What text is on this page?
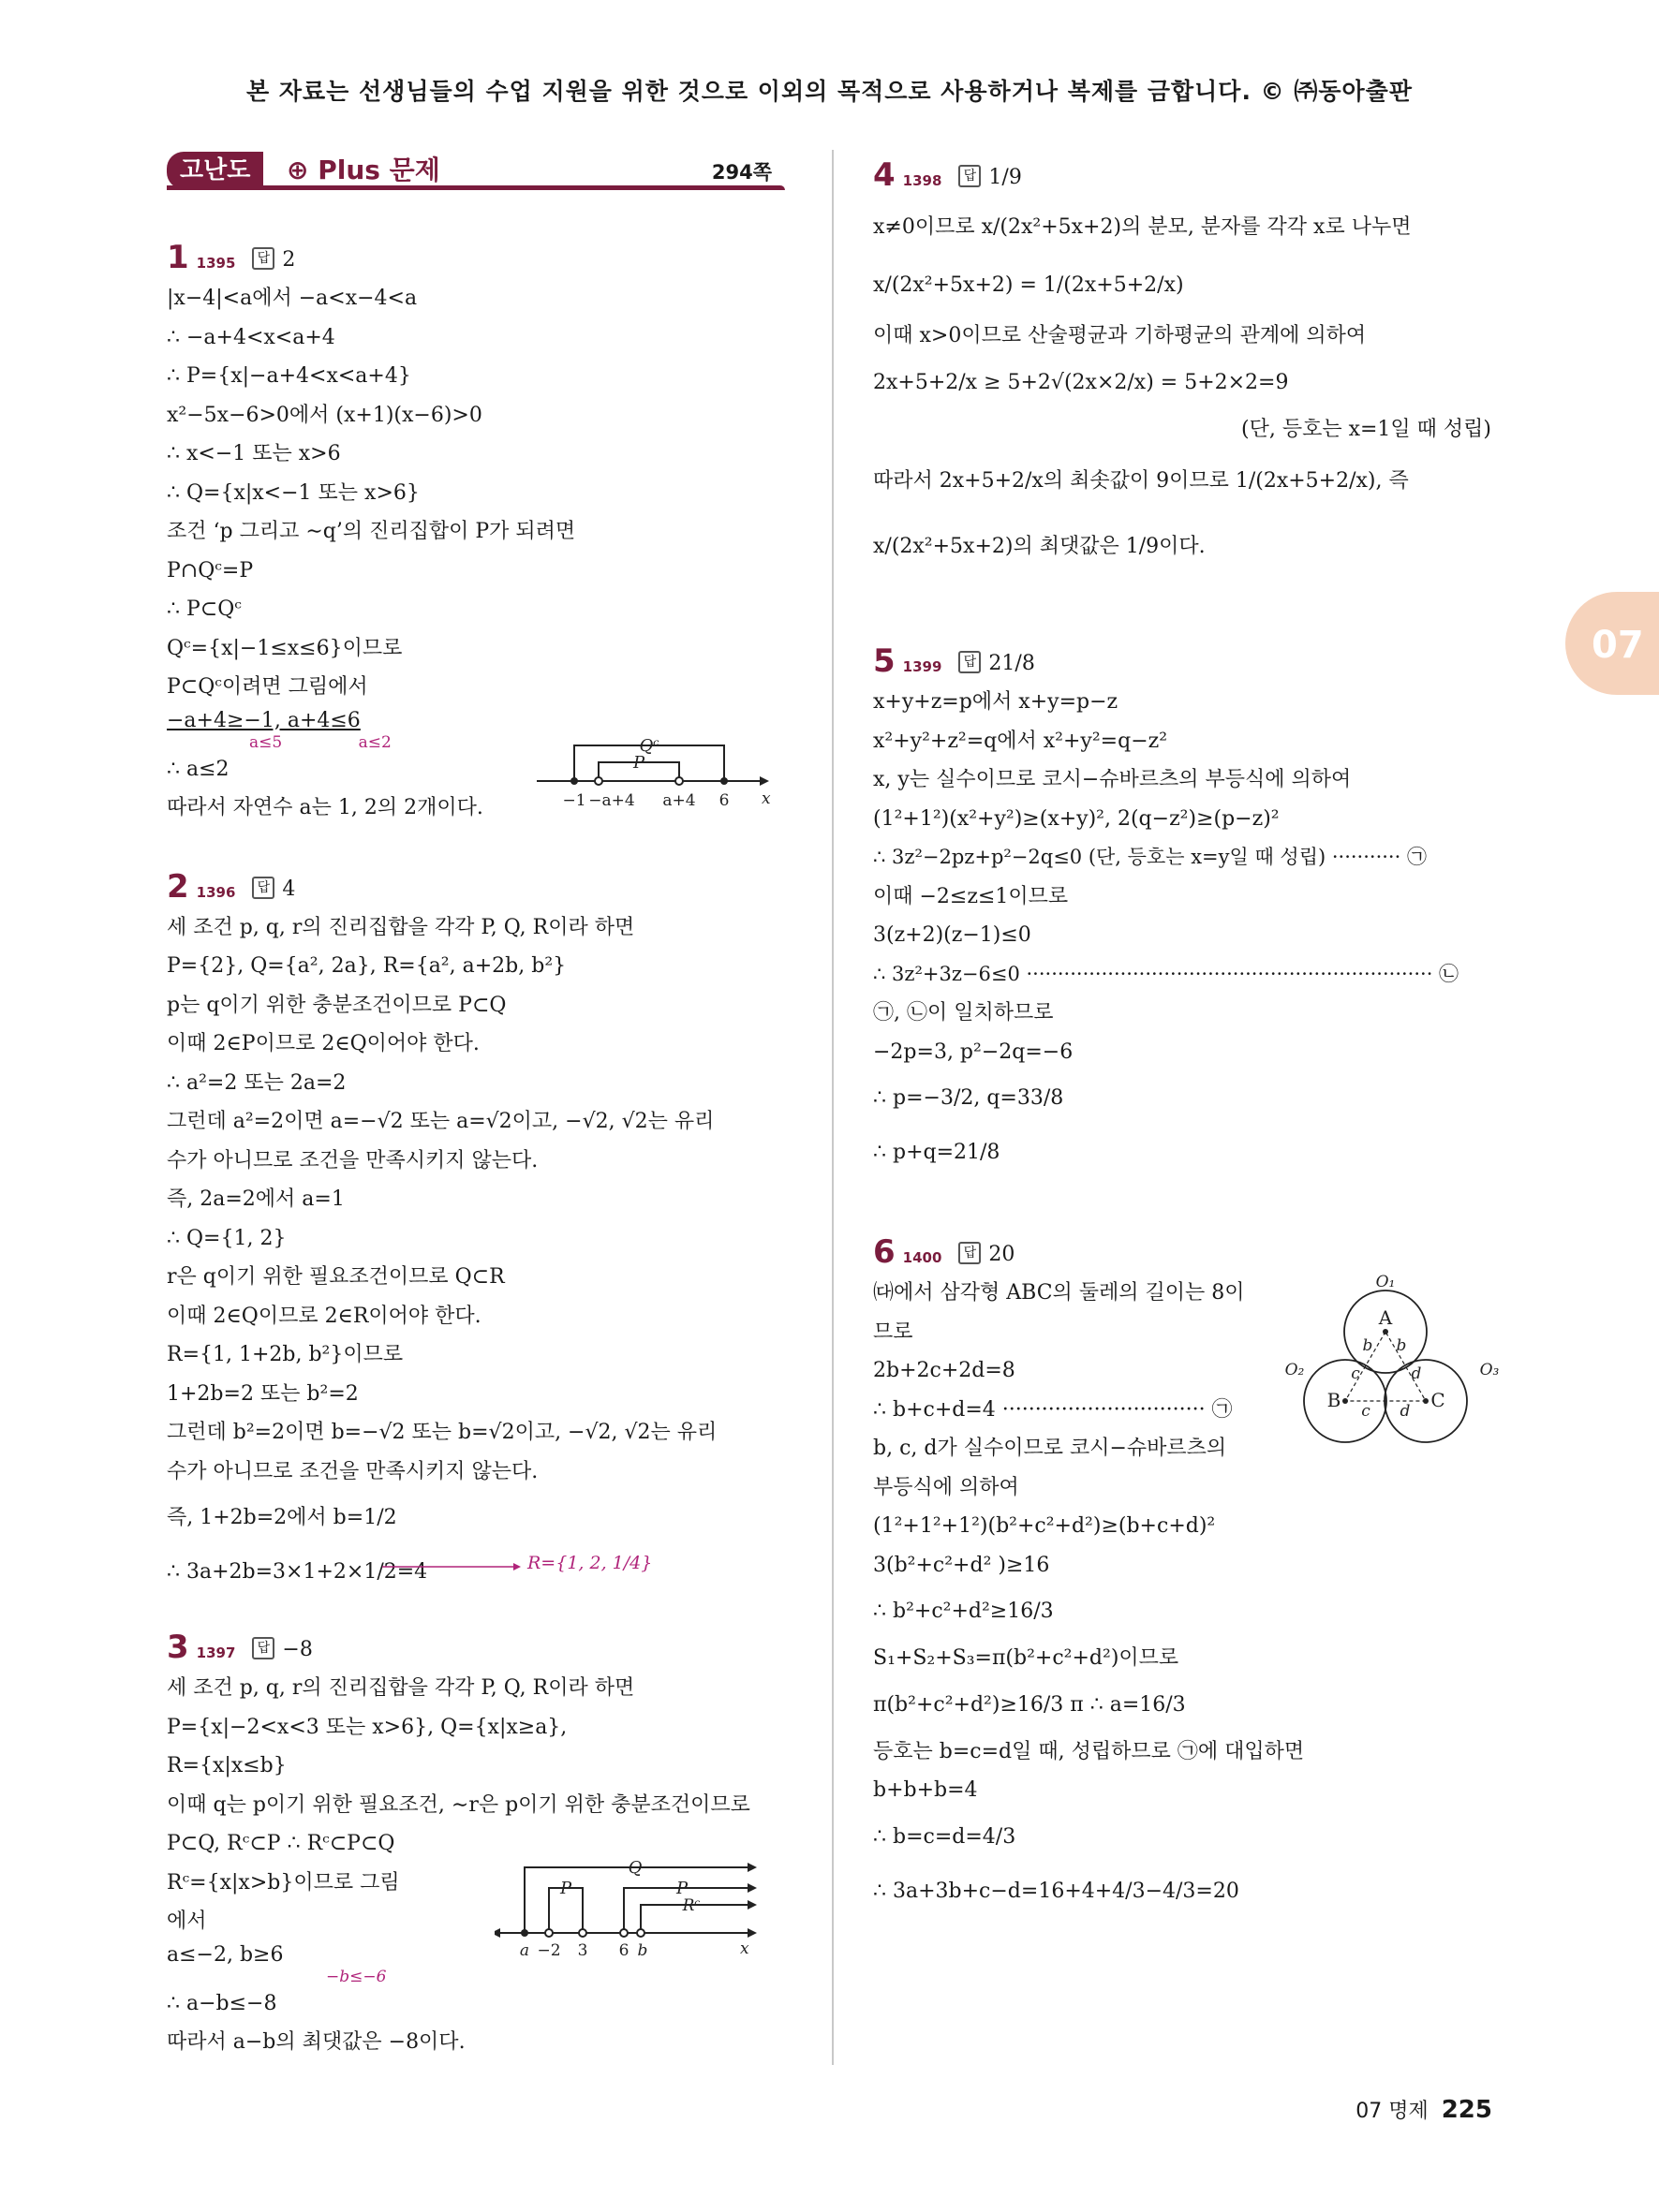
본 자료는 선생님들의 수업 지원을 위한 것으로 이외의 목적으로 사용하거나 복제를 금합니다. © ㈜동아출판
07
고난도	⊕ Plus 문제	294쪽
1 1395	답 2
|x−4|<a에서 −a<x−4<a
∴ −a+4<x<a+4
∴ P={x|−a+4<x<a+4}
x²−5x−6>0에서 (x+1)(x−6)>0
∴ x<−1 또는 x>6
∴ Q={x|x<−1 또는 x>6}
조건 ‘p 그리고 ∼q’의 진리집합이 P가 되려면
P∩Qᶜ=P
∴ P⊂Qᶜ
Qᶜ={x|−1≤x≤6}이므로
P⊂Qᶜ이려면 그림에서
−a+4≥−1, a+4≤6
a≤5	a≤2
∴ a≤2
따라서 자연수 a는 1, 2의 2개이다.
Qᶜ
P
−1 −a+4 a+4 6 x
2 1396	답 4
세 조건 p, q, r의 진리집합을 각각 P, Q, R이라 하면
P={2}, Q={a², 2a}, R={a², a+2b, b²}
p는 q이기 위한 충분조건이므로 P⊂Q
이때 2∈P이므로 2∈Q이어야 한다.
∴ a²=2 또는 2a=2
그런데 a²=2이면 a=−√2 또는 a=√2이고, −√2, √2는 유리
수가 아니므로 조건을 만족시키지 않는다.
즉, 2a=2에서 a=1
∴ Q={1, 2}
r은 q이기 위한 필요조건이므로 Q⊂R
이때 2∈Q이므로 2∈R이어야 한다.
R={1, 1+2b, b²}이므로
1+2b=2 또는 b²=2
그런데 b²=2이면 b=−√2 또는 b=√2이고, −√2, √2는 유리
수가 아니므로 조건을 만족시키지 않는다.
즉, 1+2b=2에서 b=1/2
∴ 3a+2b=3×1+2×1/2=4	R={1, 2, 1/4}
3 1397	답 −8
세 조건 p, q, r의 진리집합을 각각 P, Q, R이라 하면
P={x|−2<x<3 또는 x>6}, Q={x|x≥a},
R={x|x≤b}
이때 q는 p이기 위한 필요조건, ∼r은 p이기 위한 충분조건이므로
P⊂Q, Rᶜ⊂P ∴ Rᶜ⊂P⊂Q
Rᶜ={x|x>b}이므로 그림
에서
a≤−2, b≥6
−b≤−6
∴ a−b≤−8
따라서 a−b의 최댓값은 −8이다.
Q
P	P
Rᶜ
a −2 3 6 b	x
4 1398	답 1/9
x≠0이므로 x/(2x²+5x+2)의 분모, 분자를 각각 x로 나누면
x/(2x²+5x+2) = 1/(2x+5+2/x)
이때 x>0이므로 산술평균과 기하평균의 관계에 의하여
2x+5+2/x ≥ 5+2√(2x×2/x) = 5+2×2=9
(단, 등호는 x=1일 때 성립)
따라서 2x+5+2/x의 최솟값이 9이므로 1/(2x+5+2/x), 즉
x/(2x²+5x+2)의 최댓값은 1/9이다.
5 1399	답 21/8
x+y+z=p에서 x+y=p−z
x²+y²+z²=q에서 x²+y²=q−z²
x, y는 실수이므로 코시−슈바르츠의 부등식에 의하여
(1²+1²)(x²+y²)≥(x+y)², 2(q−z²)≥(p−z)²
∴ 3z²−2pz+p²−2q≤0 (단, 등호는 x=y일 때 성립) ··········· ㉠
이때 −2≤z≤1이므로
3(z+2)(z−1)≤0
∴ 3z²+3z−6≤0 ································································· ㉡
㉠, ㉡이 일치하므로
−2p=3, p²−2q=−6
∴ p=−3/2, q=33/8
∴ p+q=21/8
6 1400	답 20
㈐에서 삼각형 ABC의 둘레의 길이는 8이
므로
2b+2c+2d=8
∴ b+c+d=4 ······························· ㉠
b, c, d가 실수이므로 코시−슈바르츠의
부등식에 의하여
(1²+1²+1²)(b²+c²+d²)≥(b+c+d)²
3(b²+c²+d² )≥16
∴ b²+c²+d²≥16/3
S₁+S₂+S₃=π(b²+c²+d²)이므로
π(b²+c²+d²)≥16/3 π ∴ a=16/3
등호는 b=c=d일 때, 성립하므로 ㉠에 대입하면
b+b+b=4
∴ b=c=d=4/3
∴ 3a+3b+c−d=16+4+4/3−4/3=20
O₁
O₂	O₃
A
B	C
b b
c	d
c d
07 명제 225
